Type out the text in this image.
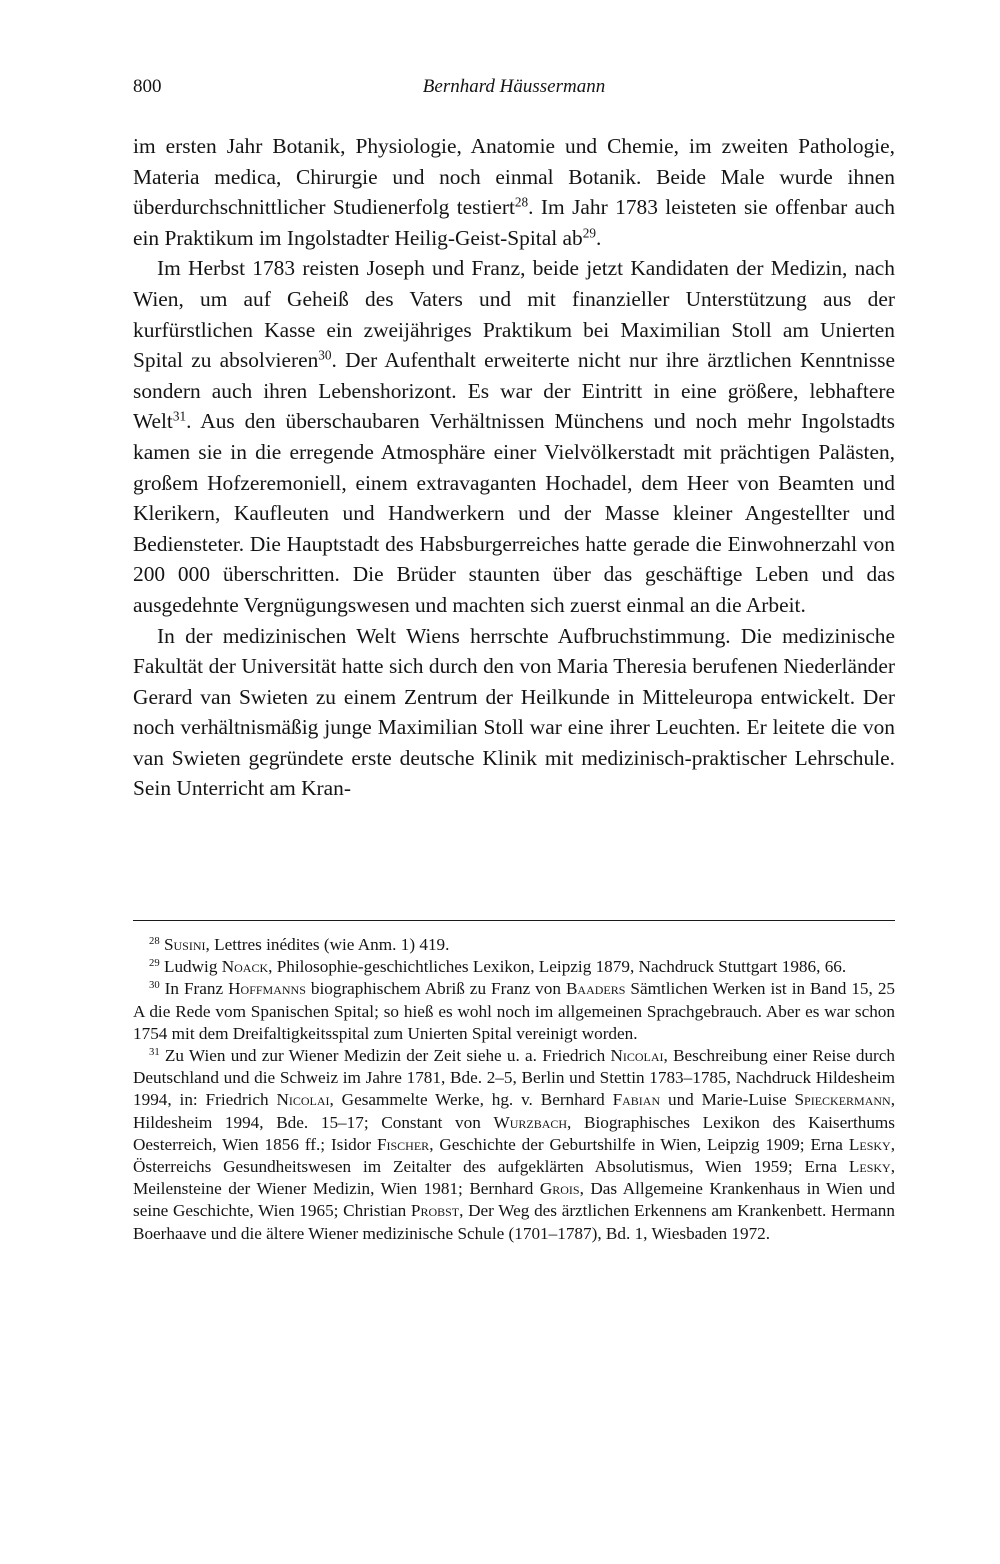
800	Bernhard Häussermann

im ersten Jahr Botanik, Physiologie, Anatomie und Chemie, im zweiten Pathologie, Materia medica, Chirurgie und noch einmal Botanik. Beide Male wurde ihnen überdurchschnittlicher Studienerfolg testiert$^{28}$. Im Jahr 1783 leisteten sie offenbar auch ein Praktikum im Ingolstadter Heilig-Geist-Spital $ab^{29}$.

Im Herbst 1783 reisten Joseph und Franz, beide jetzt Kandidaten der Medizin, nach Wien, um auf Geheiß des Vaters und mit finanzieller Unterstützung aus der kurfürstlichen Kasse ein zweijähriges Praktikum bei Maximilian Stoll am Unierten Spital zu absolvieren$^{30}$. Der Aufenthalt erweiterte nicht nur ihre ärztlichen Kenntnisse sondern auch ihren Lebenshorizont. Es war der Eintritt in eine größere, lebhaftere Welt$^{31}$. Aus den überschaubaren Verhältnissen Münchens und noch mehr Ingolstadts kamen sie in die erregende Atmosphäre einer Vielvölkerstadt mit prächtigen Palästen, großem Hofzeremoniell, einem extravaganten Hochadel, dem Heer von Beamten und Klerikern, Kaufleuten und Handwerkern und der Masse kleiner Angestellter und Bediensteter. Die Hauptstadt des Habsburgerreiches hatte gerade die Einwohnerzahl von 200 000 überschritten. Die Brüder staunten über das geschäftige Leben und das ausgedehnte Vergnügungswesen und machten sich zuerst einmal an die Arbeit.

In der medizinischen Welt Wiens herrschte Aufbruchstimmung. Die medizinische Fakultät der Universität hatte sich durch den von Maria Theresia berufenen Niederländer Gerard van Swieten zu einem Zentrum der Heilkunde in Mitteleuropa entwickelt. Der noch verhältnismäßig junge Maximilian Stoll war eine ihrer Leuchten. Er leitete die von van Swieten gegründete erste deutsche Klinik mit medizinisch-praktischer Lehrschule. Sein Unterricht am Kran-

$^{28}$ Susini, Lettres inédites (wie Anm. 1) 419.

$^{29}$ Ludwig Noack, Philosophie-geschichtliches Lexikon, Leipzig 1879, Nachdruck Stuttgart 1986, 66.

$^{30}$ In Franz Hoffmanns biographischem Abriß zu Franz von Baaders Sämtlichen Werken ist in Band 15, 25 A die Rede vom Spanischen Spital; so hieß es wohl noch im allgemeinen Sprachgebrauch. Aber es war schon 1754 mit dem Dreifaltigkeitsspital zum Unierten Spital vereinigt worden.

$^{31}$ Zu Wien und zur Wiener Medizin der Zeit siehe u. a. Friedrich Nicolai, Beschreibung einer Reise durch Deutschland und die Schweiz im Jahre 1781, Bde. 2–5, Berlin und Stettin 1783–1785, Nachdruck Hildesheim 1994, in: Friedrich Nicolai, Gesammelte Werke, hg. v. Bernhard Fabian und Marie-Luise Spieckermann, Hildesheim 1994, Bde. 15–17; Constant von Wurzbach, Biographisches Lexikon des Kaiserthums Oesterreich, Wien 1856 ff.; Isidor Fischer, Geschichte der Geburtshilfe in Wien, Leipzig 1909; Erna Lesky, Österreichs Gesundheitswesen im Zeitalter des aufgeklärten Absolutismus, Wien 1959; Erna Lesky, Meilensteine der Wiener Medizin, Wien 1981; Bernhard Grois, Das Allgemeine Krankenhaus in Wien und seine Geschichte, Wien 1965; Christian Probst, Der Weg des ärztlichen Erkennens am Krankenbett. Hermann Boerhaave und die ältere Wiener medizinische Schule (1701–1787), Bd. 1, Wiesbaden 1972.
